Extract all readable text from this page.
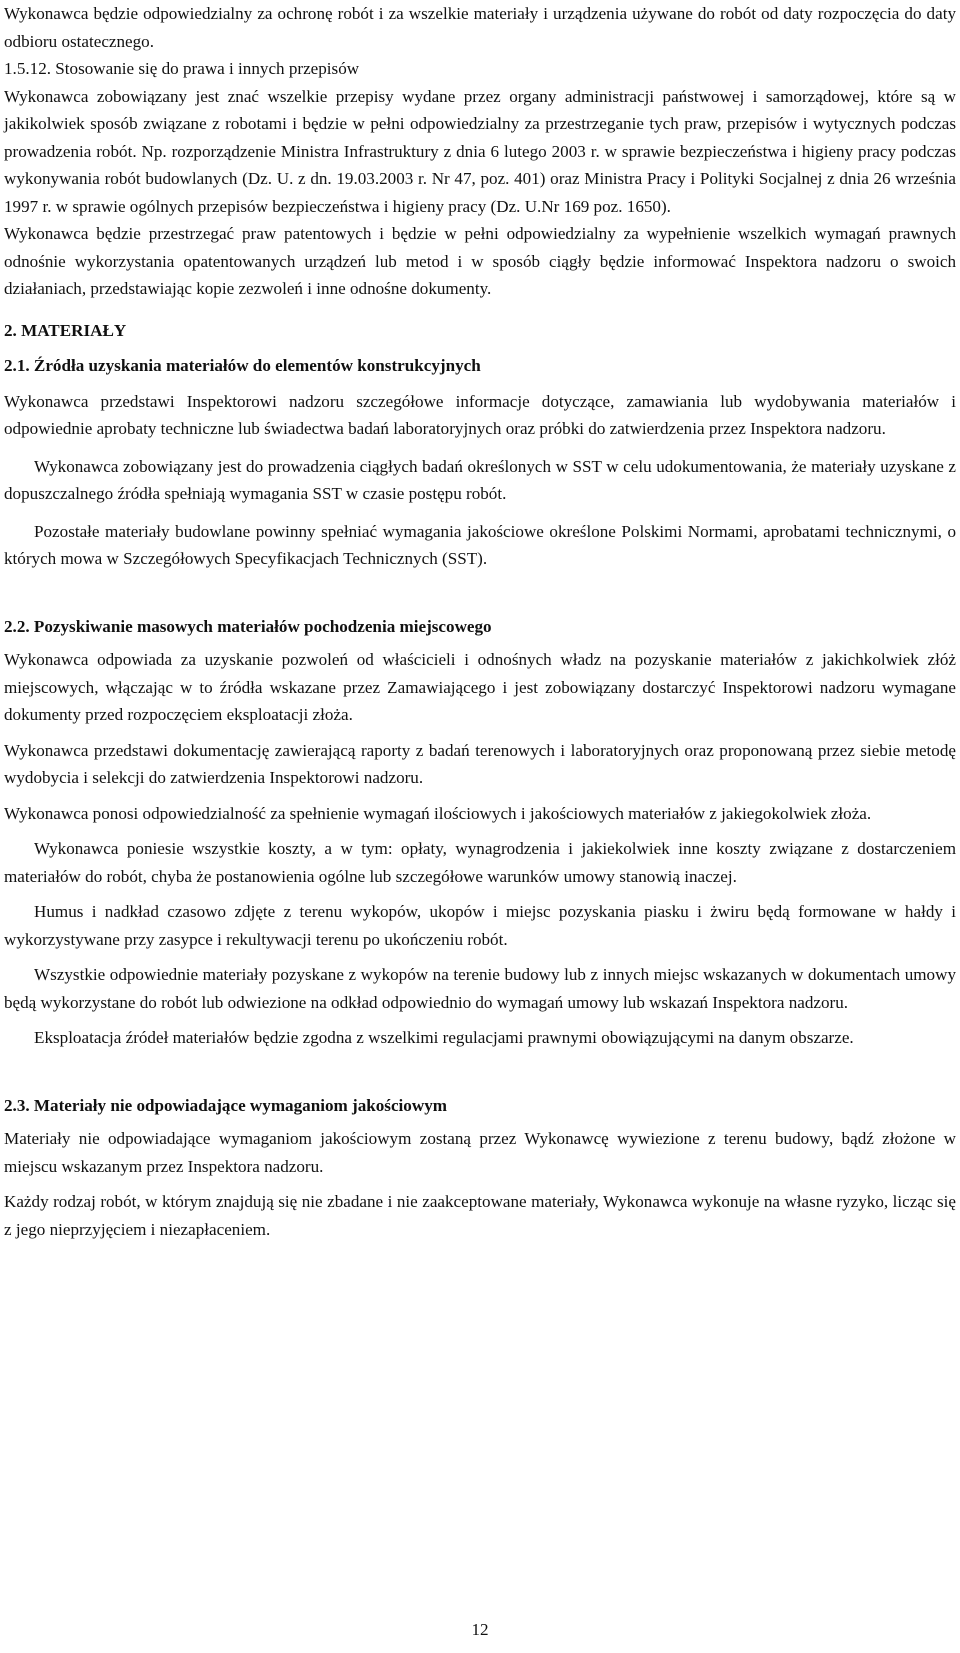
Wykonawca będzie odpowiedzialny za ochronę robót i za wszelkie materiały i urządzenia używane do robót od daty rozpoczęcia do daty odbioru ostatecznego.

1.5.12. Stosowanie się do prawa i innych przepisów

Wykonawca zobowiązany jest znać wszelkie przepisy wydane przez organy administracji państwowej i samorządowej, które są w jakikolwiek sposób związane z robotami i będzie w pełni odpowiedzialny za przestrzeganie tych praw, przepisów i wytycznych podczas prowadzenia robót. Np. rozporządzenie Ministra Infrastruktury z dnia 6 lutego 2003 r. w sprawie bezpieczeństwa i higieny pracy podczas wykonywania robót budowlanych (Dz. U. z dn. 19.03.2003 r. Nr 47, poz. 401) oraz Ministra Pracy i Polityki Socjalnej z dnia 26 września 1997 r. w sprawie ogólnych przepisów bezpieczeństwa i higieny pracy (Dz. U.Nr 169 poz. 1650).

Wykonawca będzie przestrzegać praw patentowych i będzie w pełni odpowiedzialny za wypełnienie wszelkich wymagań prawnych odnośnie wykorzystania opatentowanych urządzeń lub metod i w sposób ciągły będzie informować Inspektora nadzoru o swoich działaniach, przedstawiając kopie zezwoleń i inne odnośne dokumenty.

2. MATERIAŁY

2.1. Źródła uzyskania materiałów do elementów konstrukcyjnych

Wykonawca przedstawi Inspektorowi nadzoru szczegółowe informacje dotyczące, zamawiania lub wydobywania materiałów i odpowiednie aprobaty techniczne lub świadectwa badań laboratoryjnych oraz próbki do zatwierdzenia przez Inspektora nadzoru.

Wykonawca zobowiązany jest do prowadzenia ciągłych badań określonych w SST w celu udokumentowania, że materiały uzyskane z dopuszczalnego źródła spełniają wymagania SST w czasie postępu robót.

Pozostałe materiały budowlane powinny spełniać wymagania jakościowe określone Polskimi Normami, aprobatami technicznymi, o których mowa w Szczegółowych Specyfikacjach Technicznych (SST).

2.2. Pozyskiwanie masowych materiałów pochodzenia miejscowego

Wykonawca odpowiada za uzyskanie pozwoleń od właścicieli i odnośnych władz na pozyskanie materiałów z jakichkolwiek złóż miejscowych, włączając w to źródła wskazane przez Zamawiającego i jest zobowiązany dostarczyć Inspektorowi nadzoru wymagane dokumenty przed rozpoczęciem eksploatacji złoża.

Wykonawca przedstawi dokumentację zawierającą raporty z badań terenowych i laboratoryjnych oraz proponowaną przez siebie metodę wydobycia i selekcji do zatwierdzenia Inspektorowi nadzoru.

Wykonawca ponosi odpowiedzialność za spełnienie wymagań ilościowych i jakościowych materiałów z jakiegokolwiek złoża.

Wykonawca poniesie wszystkie koszty, a w tym: opłaty, wynagrodzenia i jakiekolwiek inne koszty związane z dostarczeniem materiałów do robót, chyba że postanowienia ogólne lub szczegółowe warunków umowy stanowią inaczej.

Humus i nadkład czasowo zdjęte z terenu wykopów, ukopów i miejsc pozyskania piasku i żwiru będą formowane w hałdy i wykorzystywane przy zasypce i rekultywacji terenu po ukończeniu robót.

Wszystkie odpowiednie materiały pozyskane z wykopów na terenie budowy lub z innych miejsc wskazanych w dokumentach umowy będą wykorzystane do robót lub odwiezione na odkład odpowiednio do wymagań umowy lub wskazań Inspektora nadzoru.

Eksploatacja źródeł materiałów będzie zgodna z wszelkimi regulacjami prawnymi obowiązującymi na danym obszarze.

2.3. Materiały nie odpowiadające wymaganiom jakościowym

Materiały nie odpowiadające wymaganiom jakościowym zostaną przez Wykonawcę wywiezione z terenu budowy, bądź złożone w miejscu wskazanym przez Inspektora nadzoru.

Każdy rodzaj robót, w którym znajdują się nie zbadane i nie zaakceptowane materiały, Wykonawca wykonuje na własne ryzyko, licząc się z jego nieprzyjęciem i niezapłaceniem.

12
